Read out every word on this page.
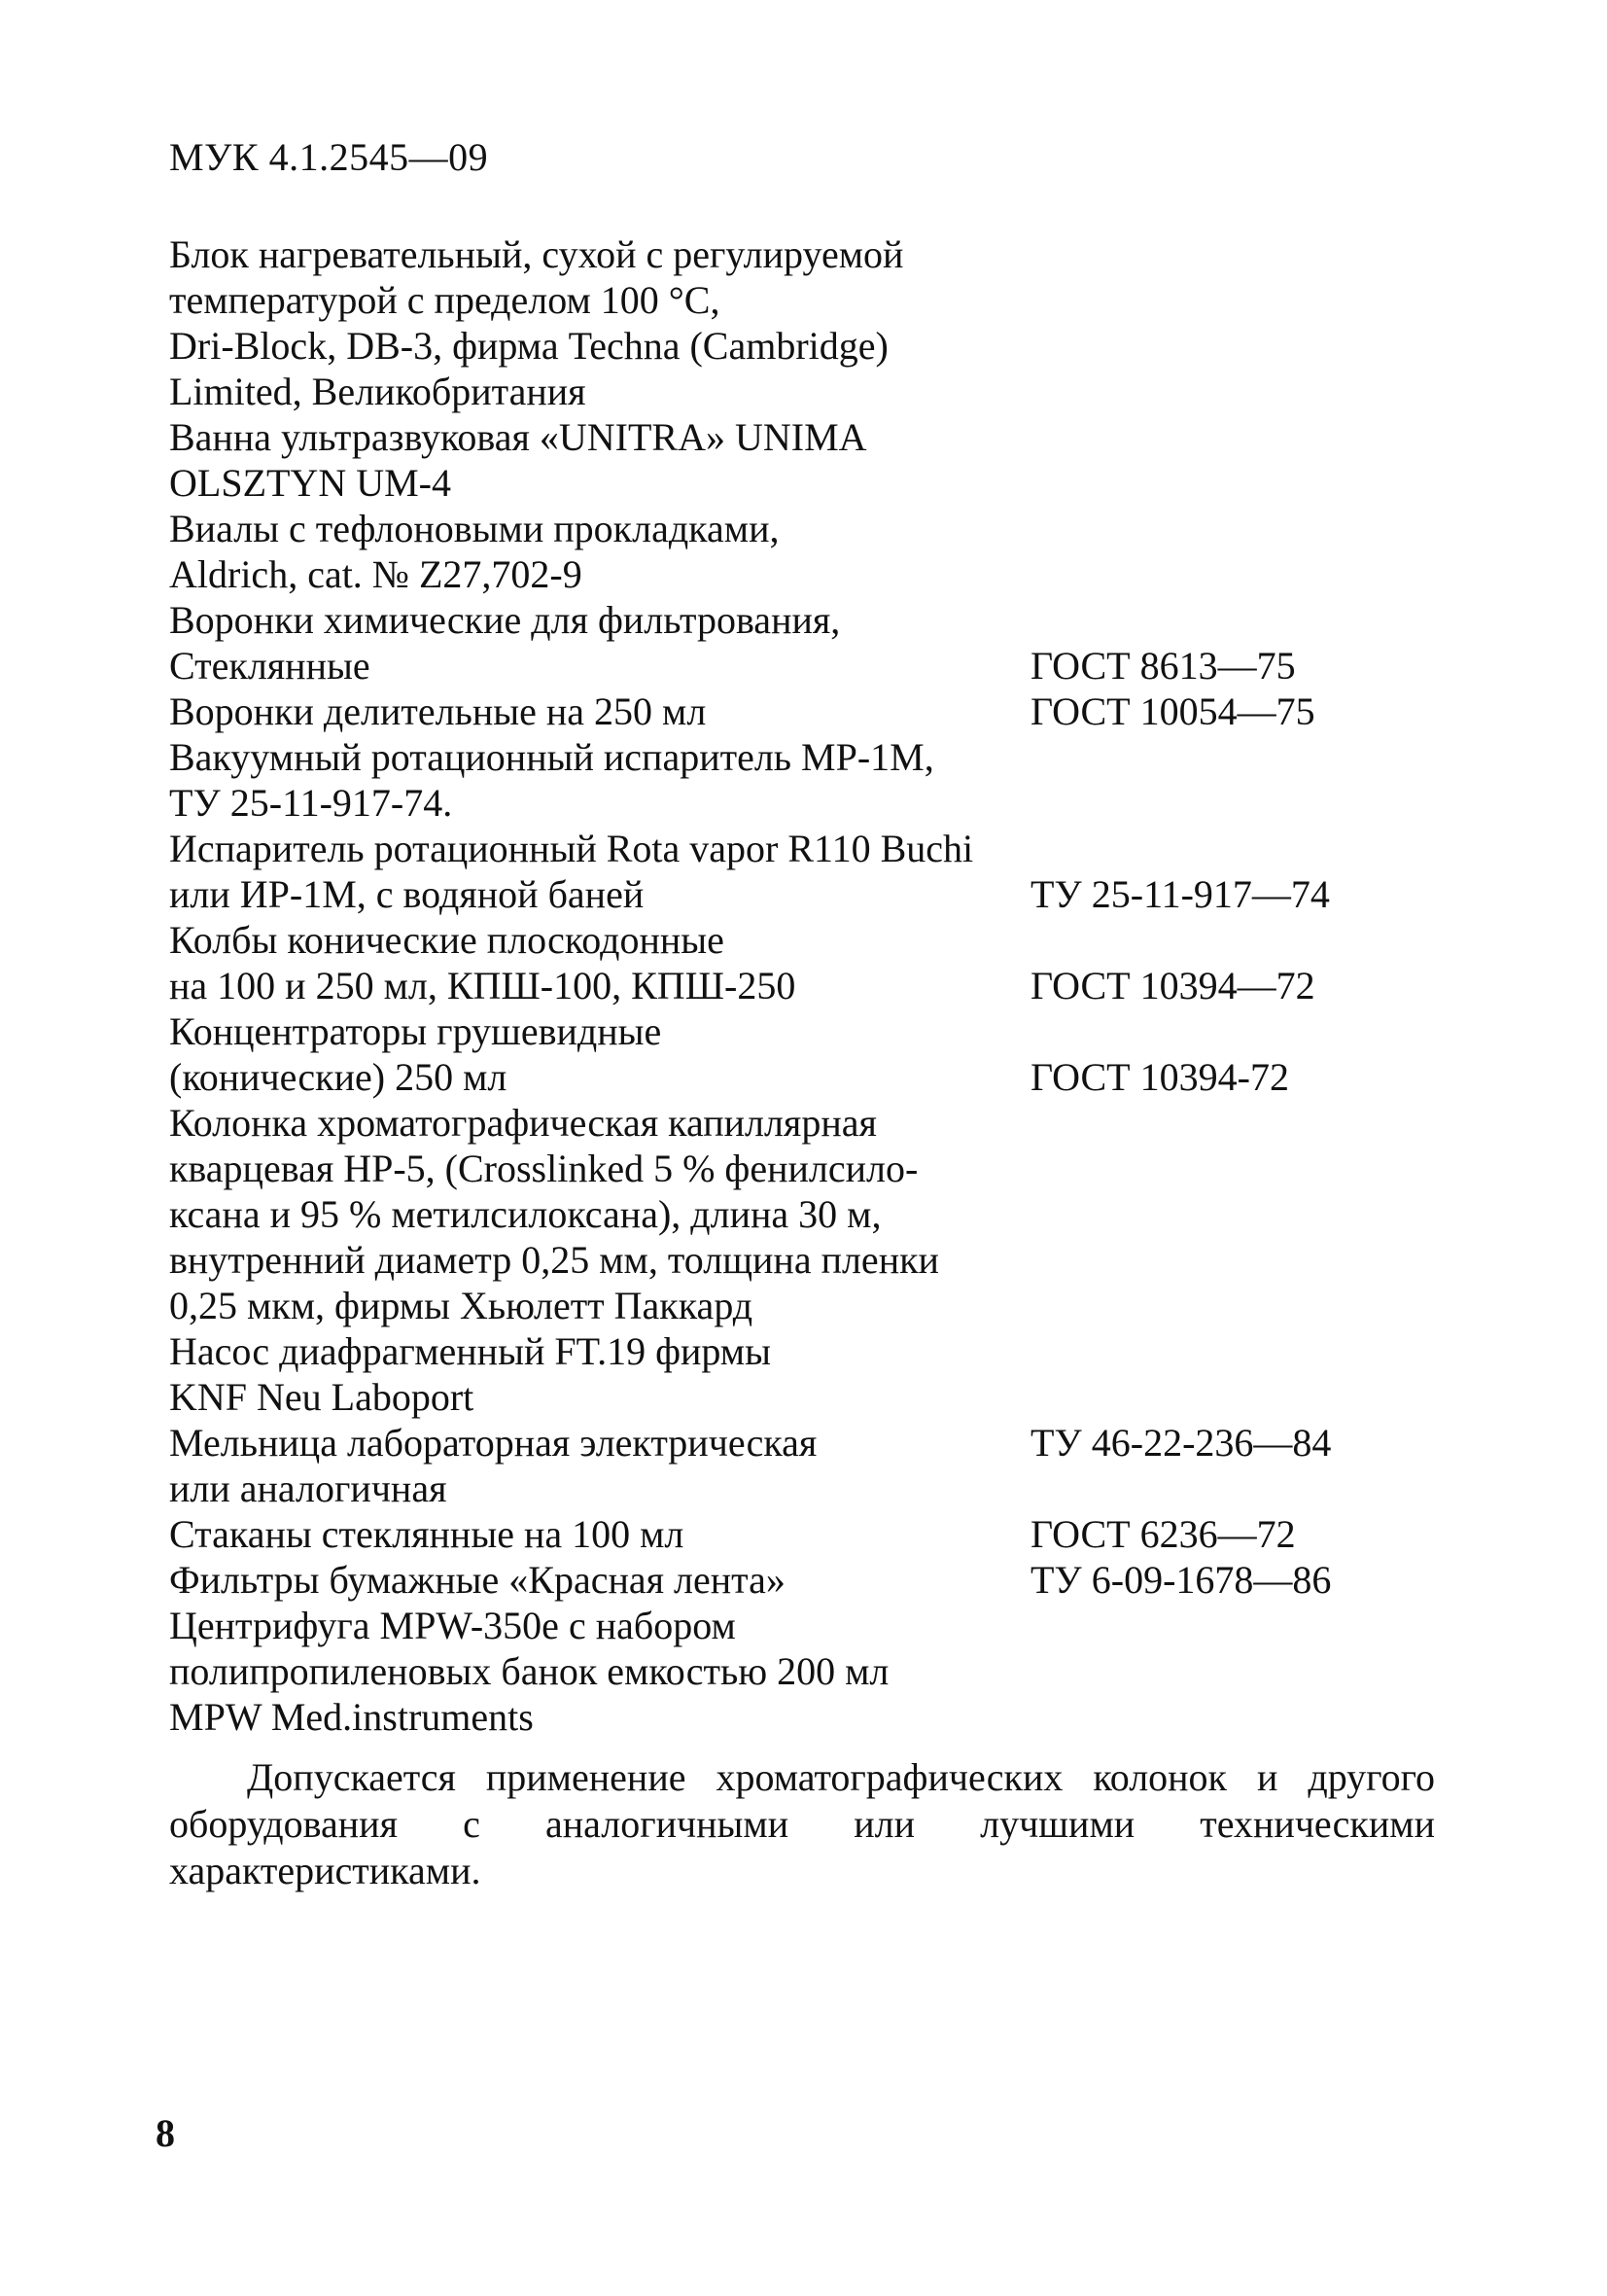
МУК 4.1.2545—09
Блок нагревательный, сухой с регулируемой
температурой с пределом 100 °С,
Dri-Block, DB-3, фирма Techna (Cambridge)
Limited, Великобритания
Ванна ультразвуковая «UNITRA» UNIMA
OLSZTYN UM-4
Виалы с тефлоновыми прокладками,
Aldrich, cat. № Z27,702-9
Воронки химические для фильтрования,
Стеклянные	ГОСТ 8613—75
Воронки делительные на 250 мл	ГОСТ 10054—75
Вакуумный ротационный испаритель МР-1М,
ТУ 25-11-917-74.
Испаритель ротационный Rota vapor R110 Buchi
или ИР-1М, с водяной баней	ТУ 25-11-917—74
Колбы конические плоскодонные
на 100 и 250 мл, КПШ-100, КПШ-250	ГОСТ 10394—72
Концентраторы грушевидные
(конические) 250 мл	ГОСТ 10394-72
Колонка хроматографическая капиллярная
кварцевая НР-5, (Crosslinked 5 % фенилсило-
ксана и 95 % метилсилоксана), длина 30 м,
внутренний диаметр 0,25 мм, толщина пленки
0,25 мкм, фирмы Хьюлетт Паккард
Насос диафрагменный FT.19 фирмы
KNF Neu Laboport
Мельница лабораторная электрическая	ТУ 46-22-236—84
или аналогичная
Стаканы стеклянные на 100 мл	ГОСТ 6236—72
Фильтры бумажные «Красная лента»	ТУ 6-09-1678—86
Центрифуга MPW-350e с набором
полипропиленовых банок емкостью 200 мл
MPW Med.instruments
Допускается применение хроматографических колонок и другого оборудования с аналогичными или лучшими техническими характеристиками.
8
